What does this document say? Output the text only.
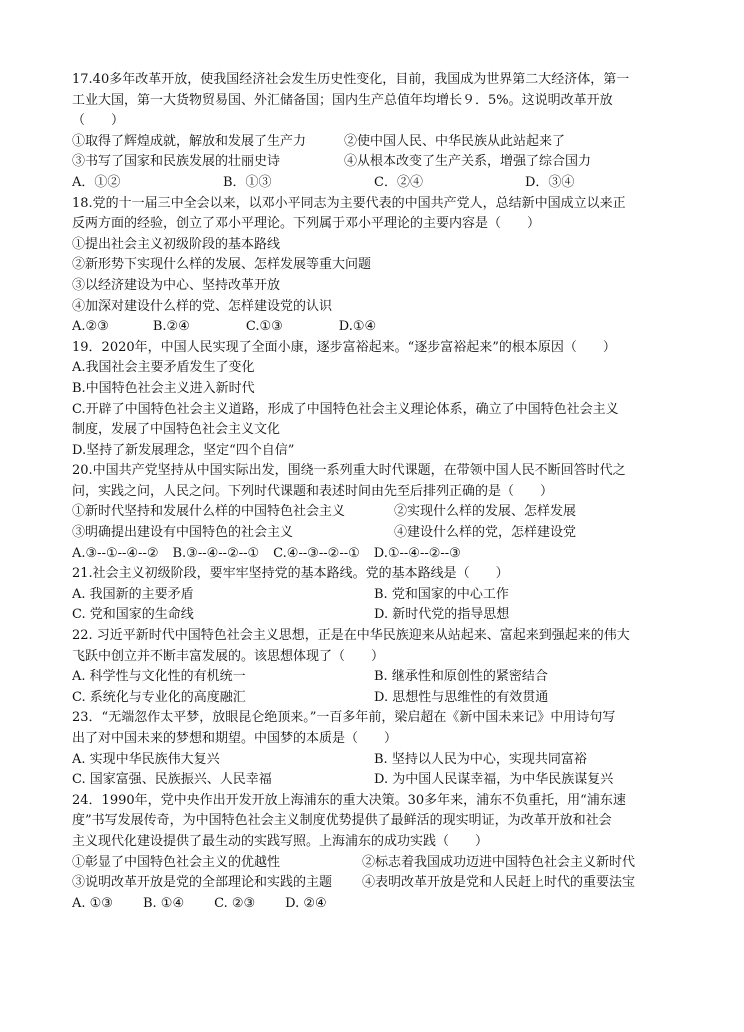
17.40多年改革开放，使我国经济社会发生历史性变化，目前，我国成为世界第二大经济体，第一
工业大国，第一大货物贸易国、外汇储备国；国内生产总值年均增长９．5%。这说明改革开放
（　　）
①取得了辉煌成就，解放和发展了生产力	②使中国人民、中华民族从此站起来了
③书写了国家和民族发展的壮丽史诗	④从根本改变了生产关系，增强了综合国力
A．①②	B．①③	C．②④	D．③④
18.党的十一届三中全会以来，以邓小平同志为主要代表的中国共产党人，总结新中国成立以来正
反两方面的经验，创立了邓小平理论。下列属于邓小平理论的主要内容是（　　）
①提出社会主义初级阶段的基本路线
②新形势下实现什么样的发展、怎样发展等重大问题
③以经济建设为中心、坚持改革开放
④加深对建设什么样的党、怎样建设党的认识
A.②③	B.②④	C.①③	D.①④
19．2020年，中国人民实现了全面小康，逐步富裕起来。“逐步富裕起来”的根本原因（　　）
A.我国社会主要矛盾发生了变化
B.中国特色社会主义进入新时代
C.开辟了中国特色社会主义道路，形成了中国特色社会主义理论体系，确立了中国特色社会主义
制度，发展了中国特色社会主义文化
D.坚持了新发展理念，坚定“四个自信”
20.中国共产党坚持从中国实际出发，围绕一系列重大时代课题，在带领中国人民不断回答时代之
问，实践之问，人民之问。下列时代课题和表述时间由先至后排列正确的是（　　）
①新时代坚持和发展什么样的中国特色社会主义	②实现什么样的发展、怎样发展
③明确提出建设有中国特色的社会主义	④建设什么样的党，怎样建设党
A.③--①--④--② B.③--④--②--① C.④--③--②--① D.①--④--②--③
21.社会主义初级阶段，要牢牢坚持党的基本路线。党的基本路线是（　　）
A. 我国新的主要矛盾	B. 党和国家的中心工作
C. 党和国家的生命线	D. 新时代党的指导思想
22. 习近平新时代中国特色社会主义思想，正是在中华民族迎来从站起来、富起来到强起来的伟大
飞跃中创立并不断丰富发展的。该思想体现了（　　）
A. 科学性与文化性的有机统一	B. 继承性和原创性的紧密结合
C. 系统化与专业化的高度融汇	D. 思想性与思维性的有效贯通
23．“无端忽作太平梦，放眼昆仑绝顶来。”一百多年前，梁启超在《新中国未来记》中用诗句写
出了对中国未来的梦想和期望。中国梦的本质是（　　）
A. 实现中华民族伟大复兴	B. 坚持以人民为中心，实现共同富裕
C. 国家富强、民族振兴、人民幸福	D. 为中国人民谋幸福，为中华民族谋复兴
24．1990年，党中央作出开发开放上海浦东的重大决策。30多年来，浦东不负重托，用“浦东速
度”书写发展传奇，为中国特色社会主义制度优势提供了最鲜活的现实明证，为改革开放和社会
主义现代化建设提供了最生动的实践写照。上海浦东的成功实践（　　）
①彰显了中国特色社会主义的优越性	②标志着我国成功迈进中国特色社会主义新时代
③说明改革开放是党的全部理论和实践的主题	④表明改革开放是党和人民赶上时代的重要法宝
A. ①③ B. ①④ C. ②③ D. ②④
